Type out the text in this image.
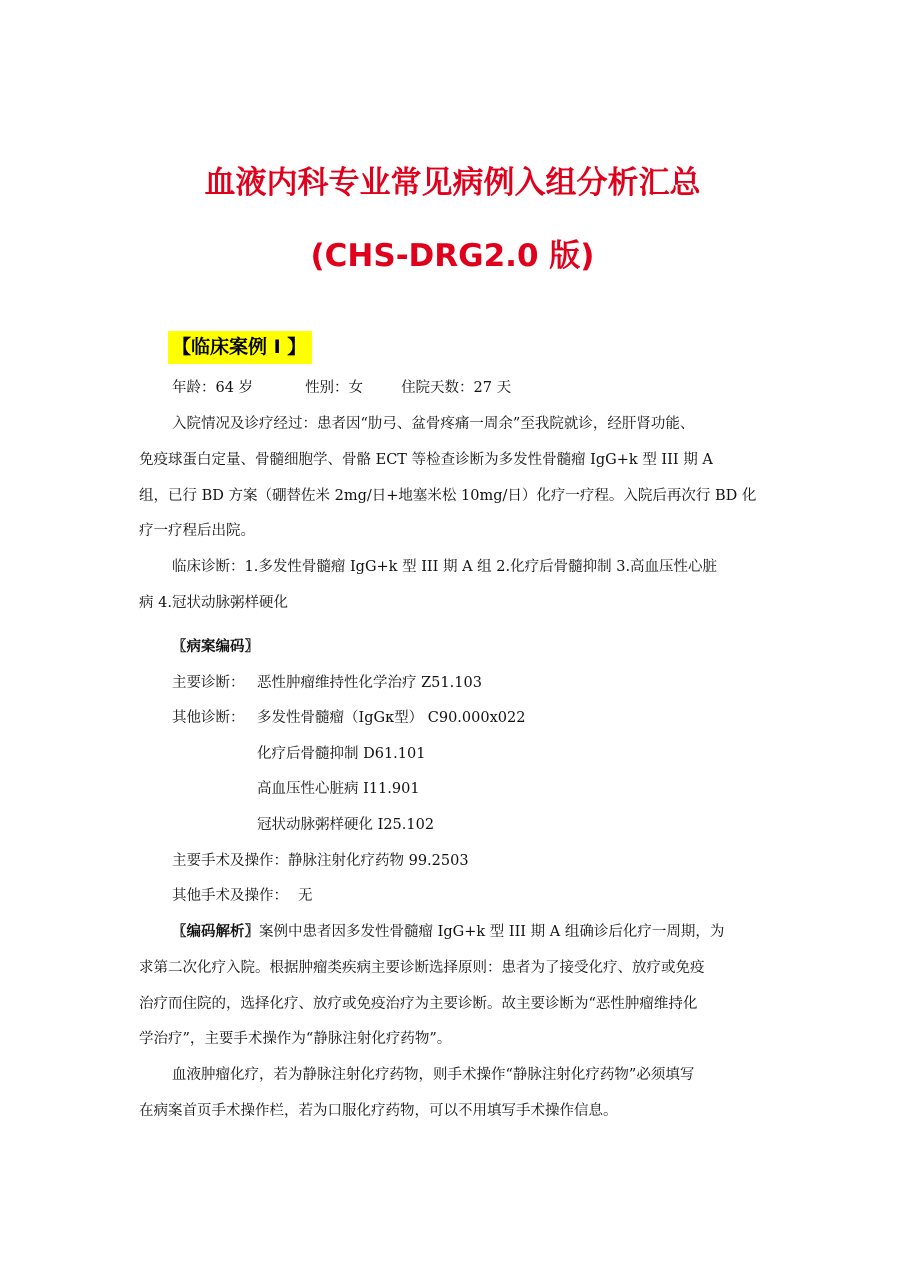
血液内科专业常见病例入组分析汇总
(CHS-DRG2.0 版)
【临床案例 I 】
年龄：64 岁	性别：女	住院天数：27 天
入院情况及诊疗经过：患者因“肋弓、盆骨疼痛一周余”至我院就诊，经肝肾功能、
免疫球蛋白定量、骨髓细胞学、骨骼 ECT 等检查诊断为多发性骨髓瘤 IgG+k 型 III 期 A
组，已行 BD 方案（硼替佐米 2mg/日+地塞米松 10mg/日）化疗一疗程。入院后再次行 BD 化
疗一疗程后出院。
临床诊断：1.多发性骨髓瘤 IgG+k 型 III 期 A 组 2.化疗后骨髓抑制 3.高血压性心脏
病 4.冠状动脉粥样硬化
〖病案编码〗
主要诊断： 恶性肿瘤维持性化学治疗 Z51.103
其他诊断： 多发性骨髓瘤（IgGκ型） C90.000x022
化疗后骨髓抑制 D61.101
高血压性心脏病 I11.901
冠状动脉粥样硬化 I25.102
主要手术及操作：静脉注射化疗药物 99.2503
其他手术及操作： 无
〖编码解析〗案例中患者因多发性骨髓瘤 IgG+k 型 III 期 A 组确诊后化疗一周期，为
求第二次化疗入院。根据肿瘤类疾病主要诊断选择原则：患者为了接受化疗、放疗或免疫
治疗而住院的，选择化疗、放疗或免疫治疗为主要诊断。故主要诊断为“恶性肿瘤维持化
学治疗”，主要手术操作为“静脉注射化疗药物”。
血液肿瘤化疗，若为静脉注射化疗药物，则手术操作“静脉注射化疗药物”必须填写
在病案首页手术操作栏，若为口服化疗药物，可以不用填写手术操作信息。
